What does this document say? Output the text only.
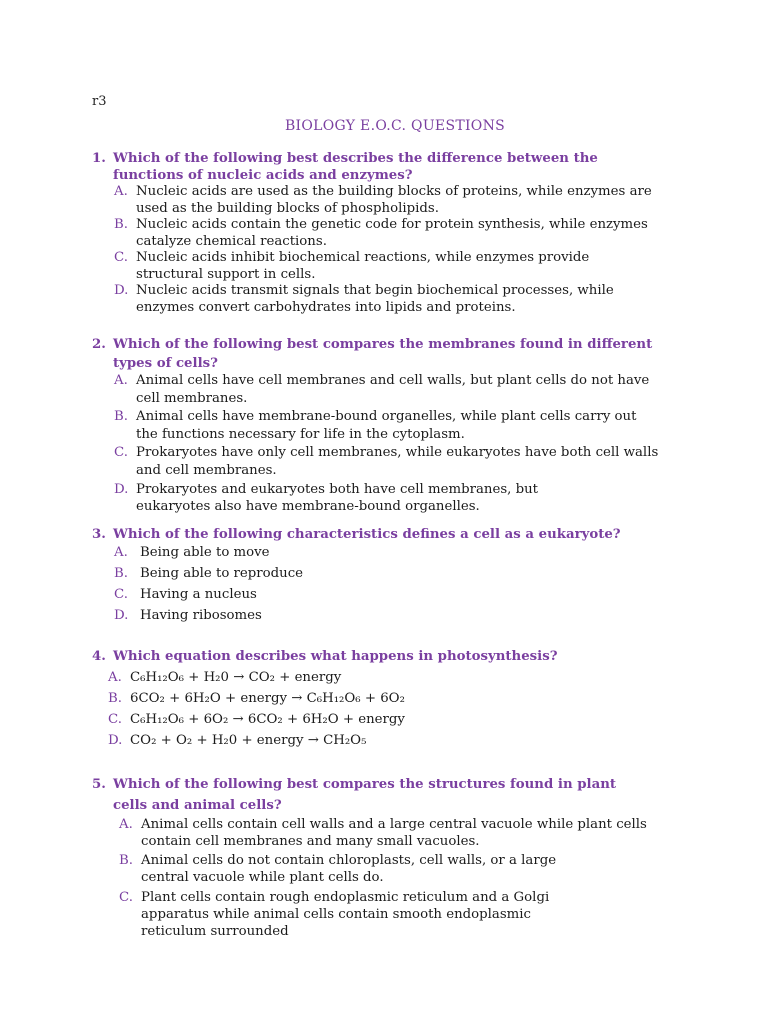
r3
BIOLOGY E.O.C. QUESTIONS
1. Which of the following best describes the difference between the functions of nucleic acids and enzymes?
A. Nucleic acids are used as the building blocks of proteins, while enzymes are used as the building blocks of phospholipids.
B. Nucleic acids contain the genetic code for protein synthesis, while enzymes catalyze chemical reactions.
C. Nucleic acids inhibit biochemical reactions, while enzymes provide structural support in cells.
D. Nucleic acids transmit signals that begin biochemical processes, while enzymes convert carbohydrates into lipids and proteins.
2. Which of the following best compares the membranes found in different types of cells?
A. Animal cells have cell membranes and cell walls, but plant cells do not have cell membranes.
B. Animal cells have membrane-bound organelles, while plant cells carry out the functions necessary for life in the cytoplasm.
C. Prokaryotes have only cell membranes, while eukaryotes have both cell walls and cell membranes.
D. Prokaryotes and eukaryotes both have cell membranes, but eukaryotes also have membrane-bound organelles.
3. Which of the following characteristics defines a cell as a eukaryote?
A. Being able to move
B. Being able to reproduce
C. Having a nucleus
D. Having ribosomes
4. Which equation describes what happens in photosynthesis?
A. C₆H₁₂O₆ + H₂0 → CO₂ + energy
B. 6CO₂ + 6H₂O + energy → C₆H₁₂O₆ + 6O₂
C. C₆H₁₂O₆ + 6O₂ → 6CO₂ + 6H₂O + energy
D. CO₂ + O₂ + H₂0 + energy → CH₂O₅
5. Which of the following best compares the structures found in plant cells and animal cells?
A. Animal cells contain cell walls and a large central vacuole while plant cells contain cell membranes and many small vacuoles.
B. Animal cells do not contain chloroplasts, cell walls, or a large central vacuole while plant cells do.
C. Plant cells contain rough endoplasmic reticulum and a Golgi apparatus while animal cells contain smooth endoplasmic reticulum surrounded
